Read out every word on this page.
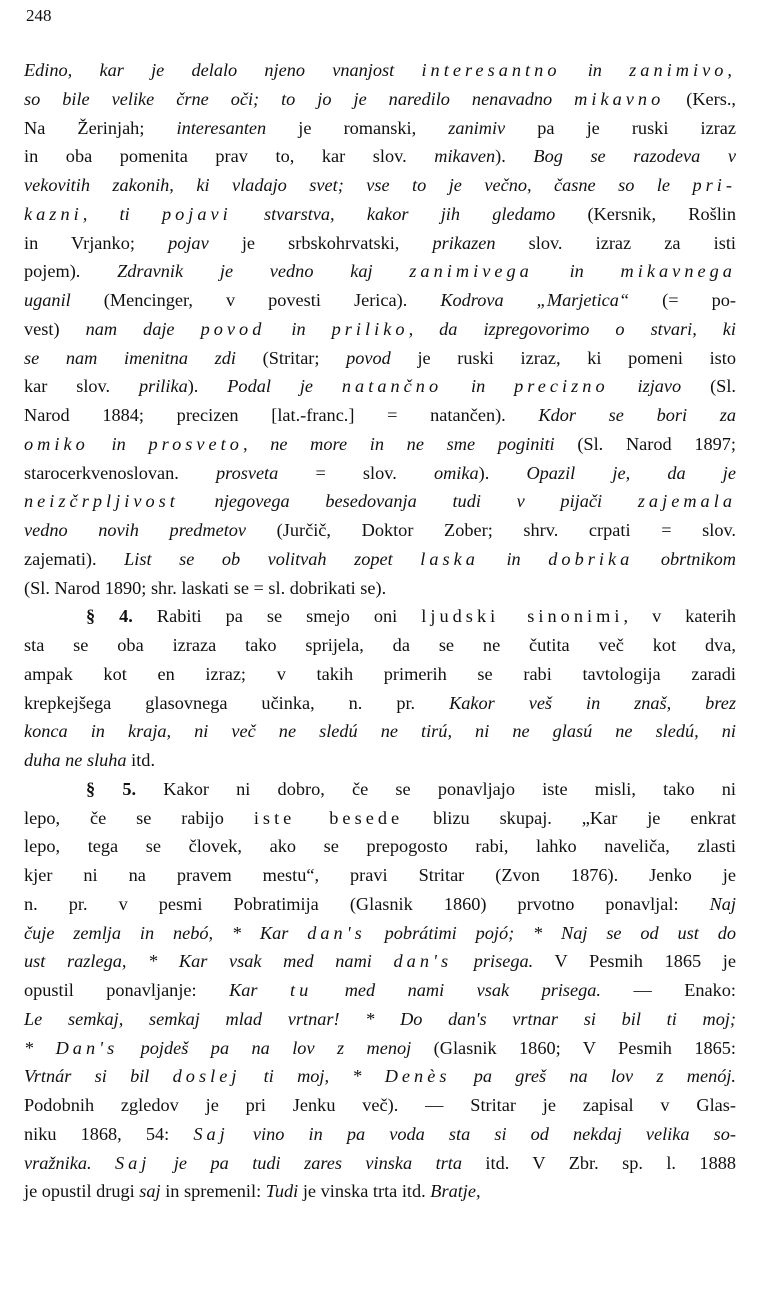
248
Edino, kar je delalo njeno vnanjost interesantno in zanimivo,
so bile velike črne oči; to jo je naredilo nenavadno mikavno (Kers.,
Na Žerinjah; interesanten je romanski, zanimiv pa je ruski izraz
in oba pomenita prav to, kar slov. mikaven). Bog se razodeva v
vekovitih zakonih, ki vladajo svet; vse to je večno, časne so le pri-
kazni, ti pojavi stvarstva, kakor jih gledamo (Kersnik, Rošlin
in Vrjanko; pojav je srbskohrvatski, prikazen slov. izraz za isti
pojem). Zdravnik je vedno kaj zanimivega in mikavnega
uganil (Mencinger, v povesti Jerica). Kodrova „Marjetica“ (= po-
vest) nam daje povod in priliko, da izpregovorimo o stvari, ki
se nam imenitna zdi (Stritar; povod je ruski izraz, ki pomeni isto
kar slov. prilika). Podal je natančno in precizno izjavo (Sl.
Narod 1884; precizen [lat.-franc.] = natančen). Kdor se bori za
omiko in prosveto, ne more in ne sme poginiti (Sl. Narod 1897;
starocerkvenoslovan. prosveta = slov. omika). Opazil je, da je
neizčrpljivost njegovega besedovanja tudi v pijači zajemala
vedno novih predmetov (Jurčič, Doktor Zober; shrv. crpati = slov.
zajemati). List se ob volitvah zopet laska in dobrika obrtnikom
(Sl. Narod 1890; shr. laskati se = sl. dobrikati se).
§ 4. Rabiti pa se smejo oni ljudski sinonimi, v katerih
sta se oba izraza tako sprijela, da se ne čutita več kot dva,
ampak kot en izraz; v takih primerih se rabi tavtologija zaradi
krepkejšega glasovnega učinka, n. pr. Kakor veš in znaš, brez
konca in kraja, ni več ne sledú ne tirú, ni ne glasú ne sledú, ni
duha ne sluha itd.
§ 5. Kakor ni dobro, če se ponavljajo iste misli, tako ni
lepo, če se rabijo iste besede blizu skupaj. „Kar je enkrat
lepo, tega se človek, ako se prepogosto rabi, lahko naveliča, zlasti
kjer ni na pravem mestu“, pravi Stritar (Zvon 1876). Jenko je
n. pr. v pesmi Pobratimija (Glasnik 1860) prvotno ponavljal: Naj
čuje zemlja in nebó, * Kar dan's pobrátimi pojó; * Naj se od ust do
ust razlega, * Kar vsak med nami dan's prisega. V Pesmih 1865 je
opustil ponavljanje: Kar tu med nami vsak prisega. — Enako:
Le semkaj, semkaj mlad vrtnar! * Do dan's vrtnar si bil ti moj;
* Dan's pojdeš pa na lov z menoj (Glasnik 1860; V Pesmih 1865:
Vrtnár si bil doslej ti moj, * Denès pa greš na lov z menój.
Podobnih zgledov je pri Jenku več). — Stritar je zapisal v Glas-
niku 1868, 54: Saj vino in pa voda sta si od nekdaj velika so-
vražnika. Saj je pa tudi zares vinska trta itd. V Zbr. sp. l. 1888
je opustil drugi saj in spremenil: Tudi je vinska trta itd. Bratje,
